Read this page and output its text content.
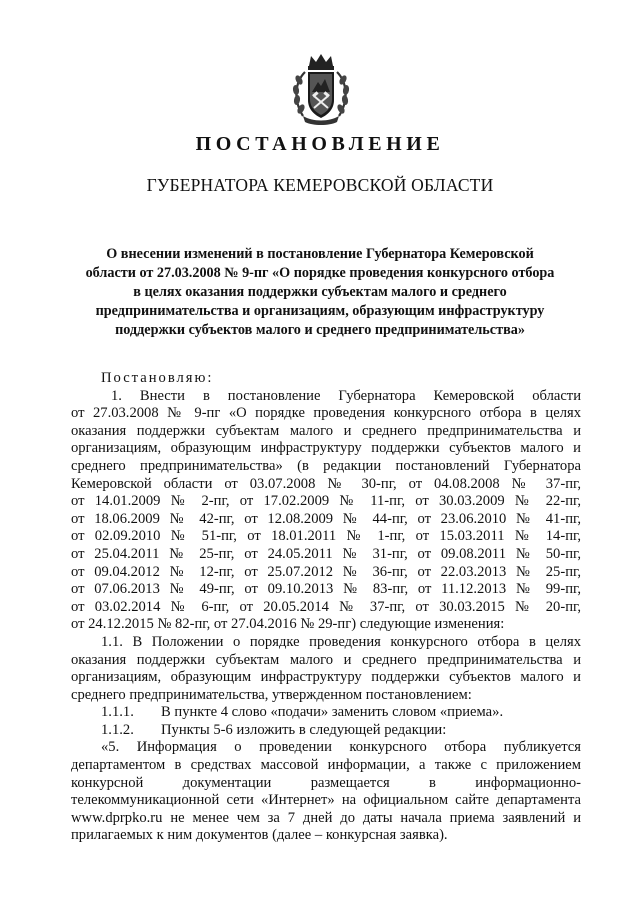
ПОСТАНОВЛЕНИЕ
ГУБЕРНАТОРА КЕМЕРОВСКОЙ ОБЛАСТИ
О внесении изменений в постановление Губернатора Кемеровской
области от 27.03.2008 № 9-пг «О порядке проведения конкурсного отбора
в целях оказания поддержки субъектам малого и среднего
предпринимательства и организациям, образующим инфраструктуру
поддержки субъектов малого и среднего предпринимательства»
Постановляю:
1. Внести в постановление Губернатора Кемеровской области
от 27.03.2008 № 9-пг «О порядке проведения конкурсного отбора в целях
оказания поддержки субъектам малого и среднего предпринимательства и
организациям, образующим инфраструктуру поддержки субъектов малого и
среднего предпринимательства» (в редакции постановлений Губернатора
Кемеровской области от 03.07.2008 № 30-пг, от 04.08.2008 № 37-пг,
от 14.01.2009 № 2-пг, от 17.02.2009 № 11-пг, от 30.03.2009 № 22-пг,
от 18.06.2009 № 42-пг, от 12.08.2009 № 44-пг, от 23.06.2010 № 41-пг,
от 02.09.2010 № 51-пг, от 18.01.2011 № 1-пг, от 15.03.2011 № 14-пг,
от 25.04.2011 № 25-пг, от 24.05.2011 № 31-пг, от 09.08.2011 № 50-пг,
от 09.04.2012 № 12-пг, от 25.07.2012 № 36-пг, от 22.03.2013 № 25-пг,
от 07.06.2013 № 49-пг, от 09.10.2013 № 83-пг, от 11.12.2013 № 99-пг,
от 03.02.2014 № 6-пг, от 20.05.2014 № 37-пг, от 30.03.2015 № 20-пг,
от 24.12.2015 № 82-пг, от 27.04.2016 № 29-пг) следующие изменения:
1.1. В Положении о порядке проведения конкурсного отбора в целях
оказания поддержки субъектам малого и среднего предпринимательства и
организациям, образующим инфраструктуру поддержки субъектов малого и
среднего предпринимательства, утвержденном постановлением:
1.1.1. В пункте 4 слово «подачи» заменить словом «приема».
1.1.2. Пункты 5-6 изложить в следующей редакции:
«5. Информация о проведении конкурсного отбора публикуется
департаментом в средствах массовой информации, а также с приложением
конкурсной документации размещается в информационно-
телекоммуникационной сети «Интернет» на официальном сайте департамента
www.dprpko.ru не менее чем за 7 дней до даты начала приема заявлений и
прилагаемых к ним документов (далее – конкурсная заявка).
